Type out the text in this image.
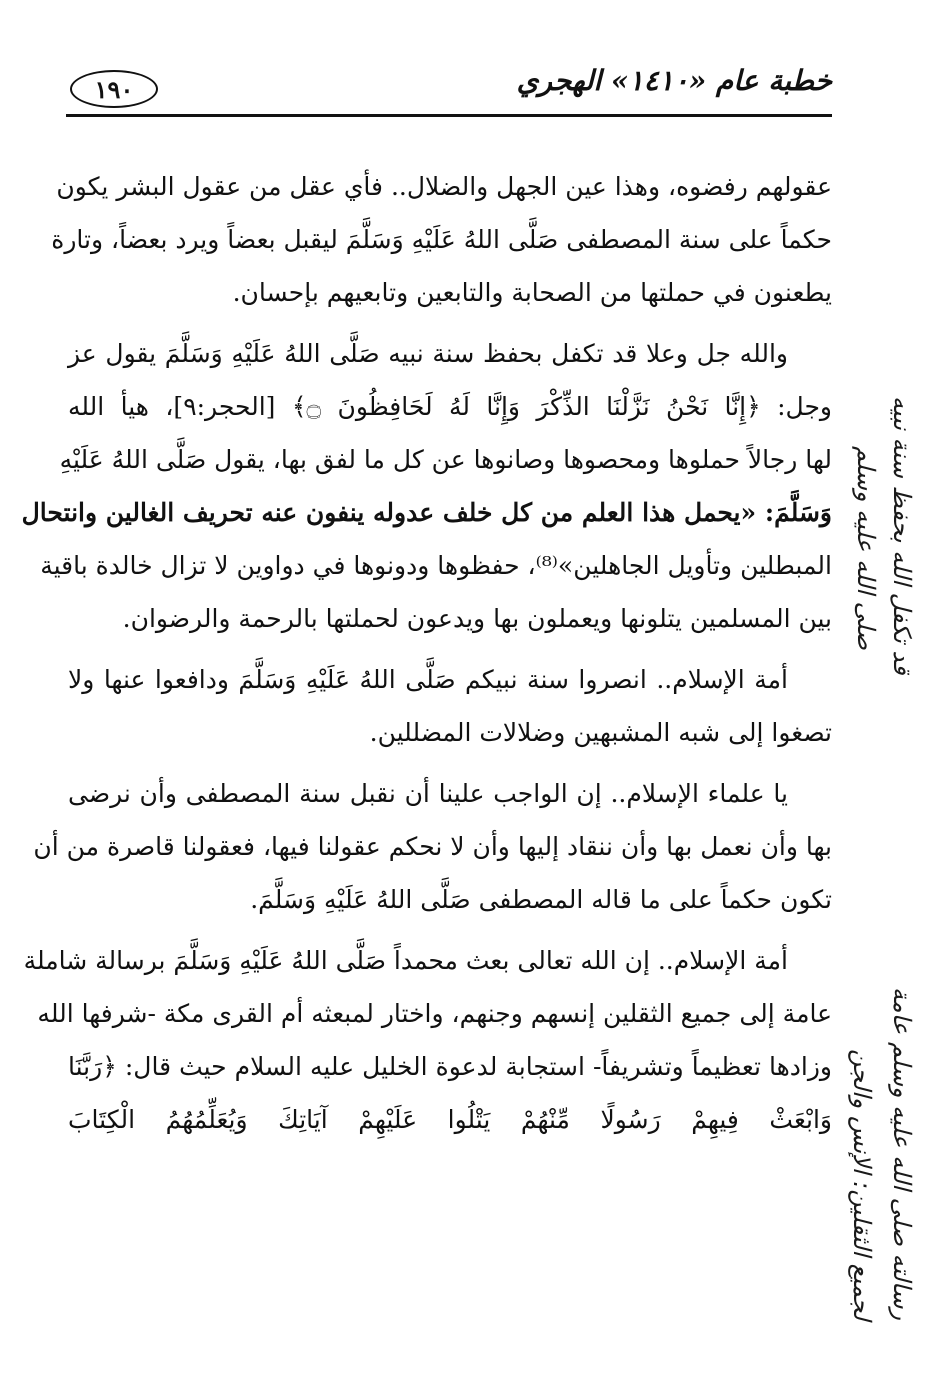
١٩٠	خطبة عام «١٤١٠» الهجري
عقولهم رفضوه، وهذا عين الجهل والضلال.. فأي عقل من عقول البشر يكون
حكماً على سنة المصطفى صَلَّى اللهُ عَلَيْهِ وَسَلَّمَ ليقبل بعضاً ويرد بعضاً، وتارة
يطعنون في حملتها من الصحابة والتابعين وتابعيهم بإحسان.
والله جل وعلا قد تكفل بحفظ سنة نبيه صَلَّى اللهُ عَلَيْهِ وَسَلَّمَ يقول عز
وجل: ﴿إِنَّا نَحْنُ نَزَّلْنَا الذِّكْرَ وَإِنَّا لَهُ لَحَافِظُونَ ۝﴾ [الحجر:٩]، هيأ الله
لها رجالاً حملوها ومحصوها وصانوها عن كل ما لفق بها، يقول صَلَّى اللهُ عَلَيْهِ
وَسَلَّمَ: «يحمل هذا العلم من كل خلف عدوله ينفون عنه تحريف الغالين وانتحال
المبطلين وتأويل الجاهلين»⁽⁸⁾، حفظوها ودونوها في دواوين لا تزال خالدة باقية
بين المسلمين يتلونها ويعملون بها ويدعون لحملتها بالرحمة والرضوان.
أمة الإسلام.. انصروا سنة نبيكم صَلَّى اللهُ عَلَيْهِ وَسَلَّمَ ودافعوا عنها ولا
تصغوا إلى شبه المشبهين وضلالات المضللين.
يا علماء الإسلام.. إن الواجب علينا أن نقبل سنة المصطفى وأن نرضى
بها وأن نعمل بها وأن ننقاد إليها وأن لا نحكم عقولنا فيها، فعقولنا قاصرة من أن
تكون حكماً على ما قاله المصطفى صَلَّى اللهُ عَلَيْهِ وَسَلَّمَ.
أمة الإسلام.. إن الله تعالى بعث محمداً صَلَّى اللهُ عَلَيْهِ وَسَلَّمَ برسالة شاملة
عامة إلى جميع الثقلين إنسهم وجنهم، واختار لمبعثه أم القرى مكة -شرفها الله
وزادها تعظيماً وتشريفاً- استجابة لدعوة الخليل عليه السلام حيث قال: ﴿رَبَّنَا
وَابْعَثْ فِيهِمْ رَسُولًا مِّنْهُمْ يَتْلُوا عَلَيْهِمْ آيَاتِكَ وَيُعَلِّمُهُمُ الْكِتَابَ
قد تكفل الله بحفظ سنة نبيه
صلى الله عليه وسلم
رسالته صلى الله عليه وسلم عامة
لجميع الثقلين: الإنس والجن
